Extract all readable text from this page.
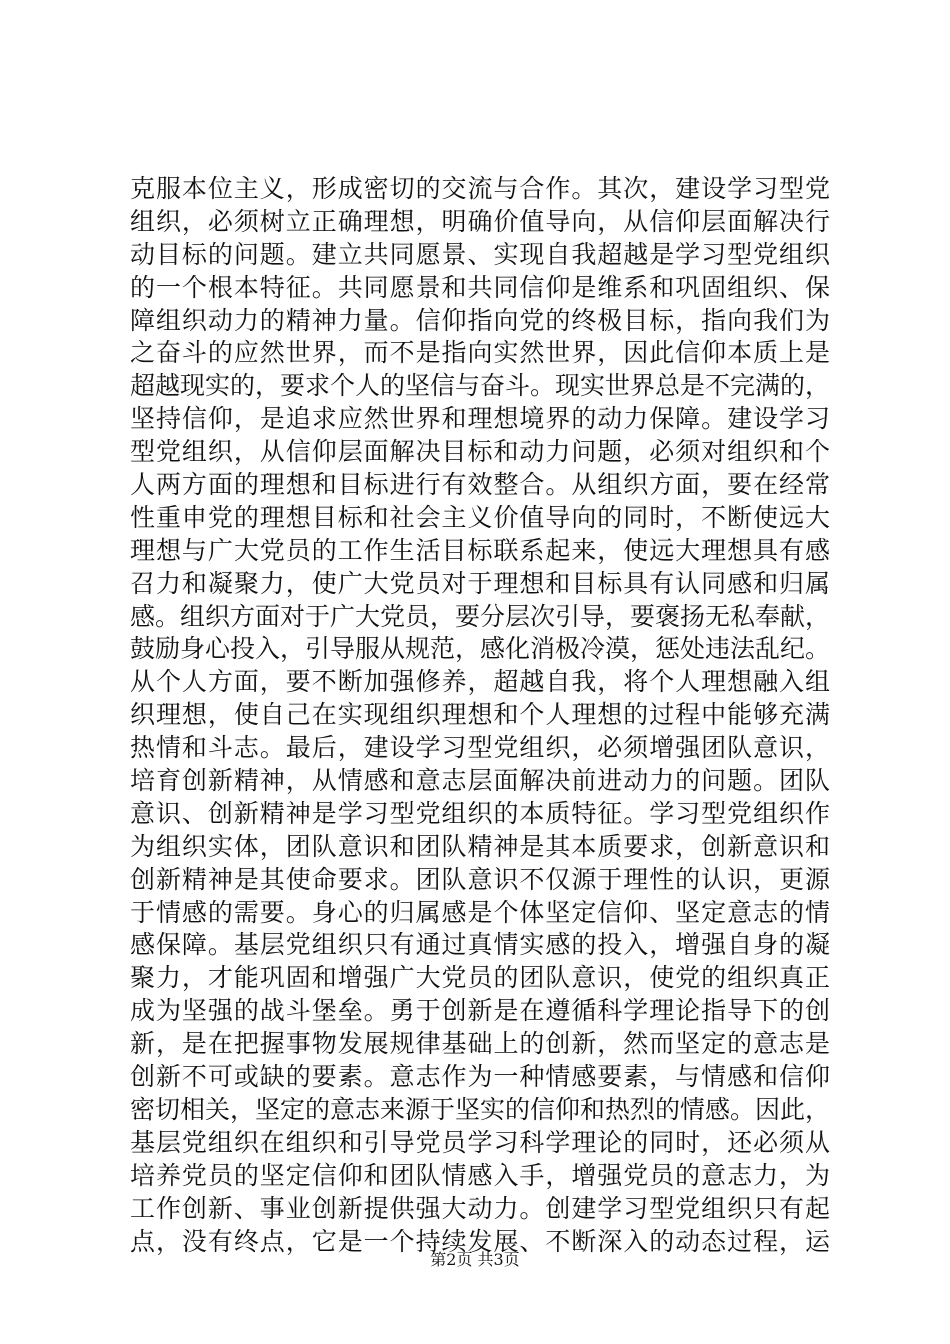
克服本位主义，形成密切的交流与合作。其次，建设学习型党
组织，必须树立正确理想，明确价值导向，从信仰层面解决行
动目标的问题。建立共同愿景、实现自我超越是学习型党组织
的一个根本特征。共同愿景和共同信仰是维系和巩固组织、保
障组织动力的精神力量。信仰指向党的终极目标，指向我们为
之奋斗的应然世界，而不是指向实然世界，因此信仰本质上是
超越现实的，要求个人的坚信与奋斗。现实世界总是不完满的，
坚持信仰，是追求应然世界和理想境界的动力保障。建设学习
型党组织，从信仰层面解决目标和动力问题，必须对组织和个
人两方面的理想和目标进行有效整合。从组织方面，要在经常
性重申党的理想目标和社会主义价值导向的同时，不断使远大
理想与广大党员的工作生活目标联系起来，使远大理想具有感
召力和凝聚力，使广大党员对于理想和目标具有认同感和归属
感。组织方面对于广大党员，要分层次引导，要褒扬无私奉献，
鼓励身心投入，引导服从规范，感化消极冷漠，惩处违法乱纪。
从个人方面，要不断加强修养，超越自我，将个人理想融入组
织理想，使自己在实现组织理想和个人理想的过程中能够充满
热情和斗志。最后，建设学习型党组织，必须增强团队意识，
培育创新精神，从情感和意志层面解决前进动力的问题。团队
意识、创新精神是学习型党组织的本质特征。学习型党组织作
为组织实体，团队意识和团队精神是其本质要求，创新意识和
创新精神是其使命要求。团队意识不仅源于理性的认识，更源
于情感的需要。身心的归属感是个体坚定信仰、坚定意志的情
感保障。基层党组织只有通过真情实感的投入，增强自身的凝
聚力，才能巩固和增强广大党员的团队意识，使党的组织真正
成为坚强的战斗堡垒。勇于创新是在遵循科学理论指导下的创
新，是在把握事物发展规律基础上的创新，然而坚定的意志是
创新不可或缺的要素。意志作为一种情感要素，与情感和信仰
密切相关，坚定的意志来源于坚实的信仰和热烈的情感。因此，
基层党组织在组织和引导党员学习科学理论的同时，还必须从
培养党员的坚定信仰和团队情感入手，增强党员的意志力，为
工作创新、事业创新提供强大动力。创建学习型党组织只有起
点，没有终点，它是一个持续发展、不断深入的动态过程，运
第2页 共3页
